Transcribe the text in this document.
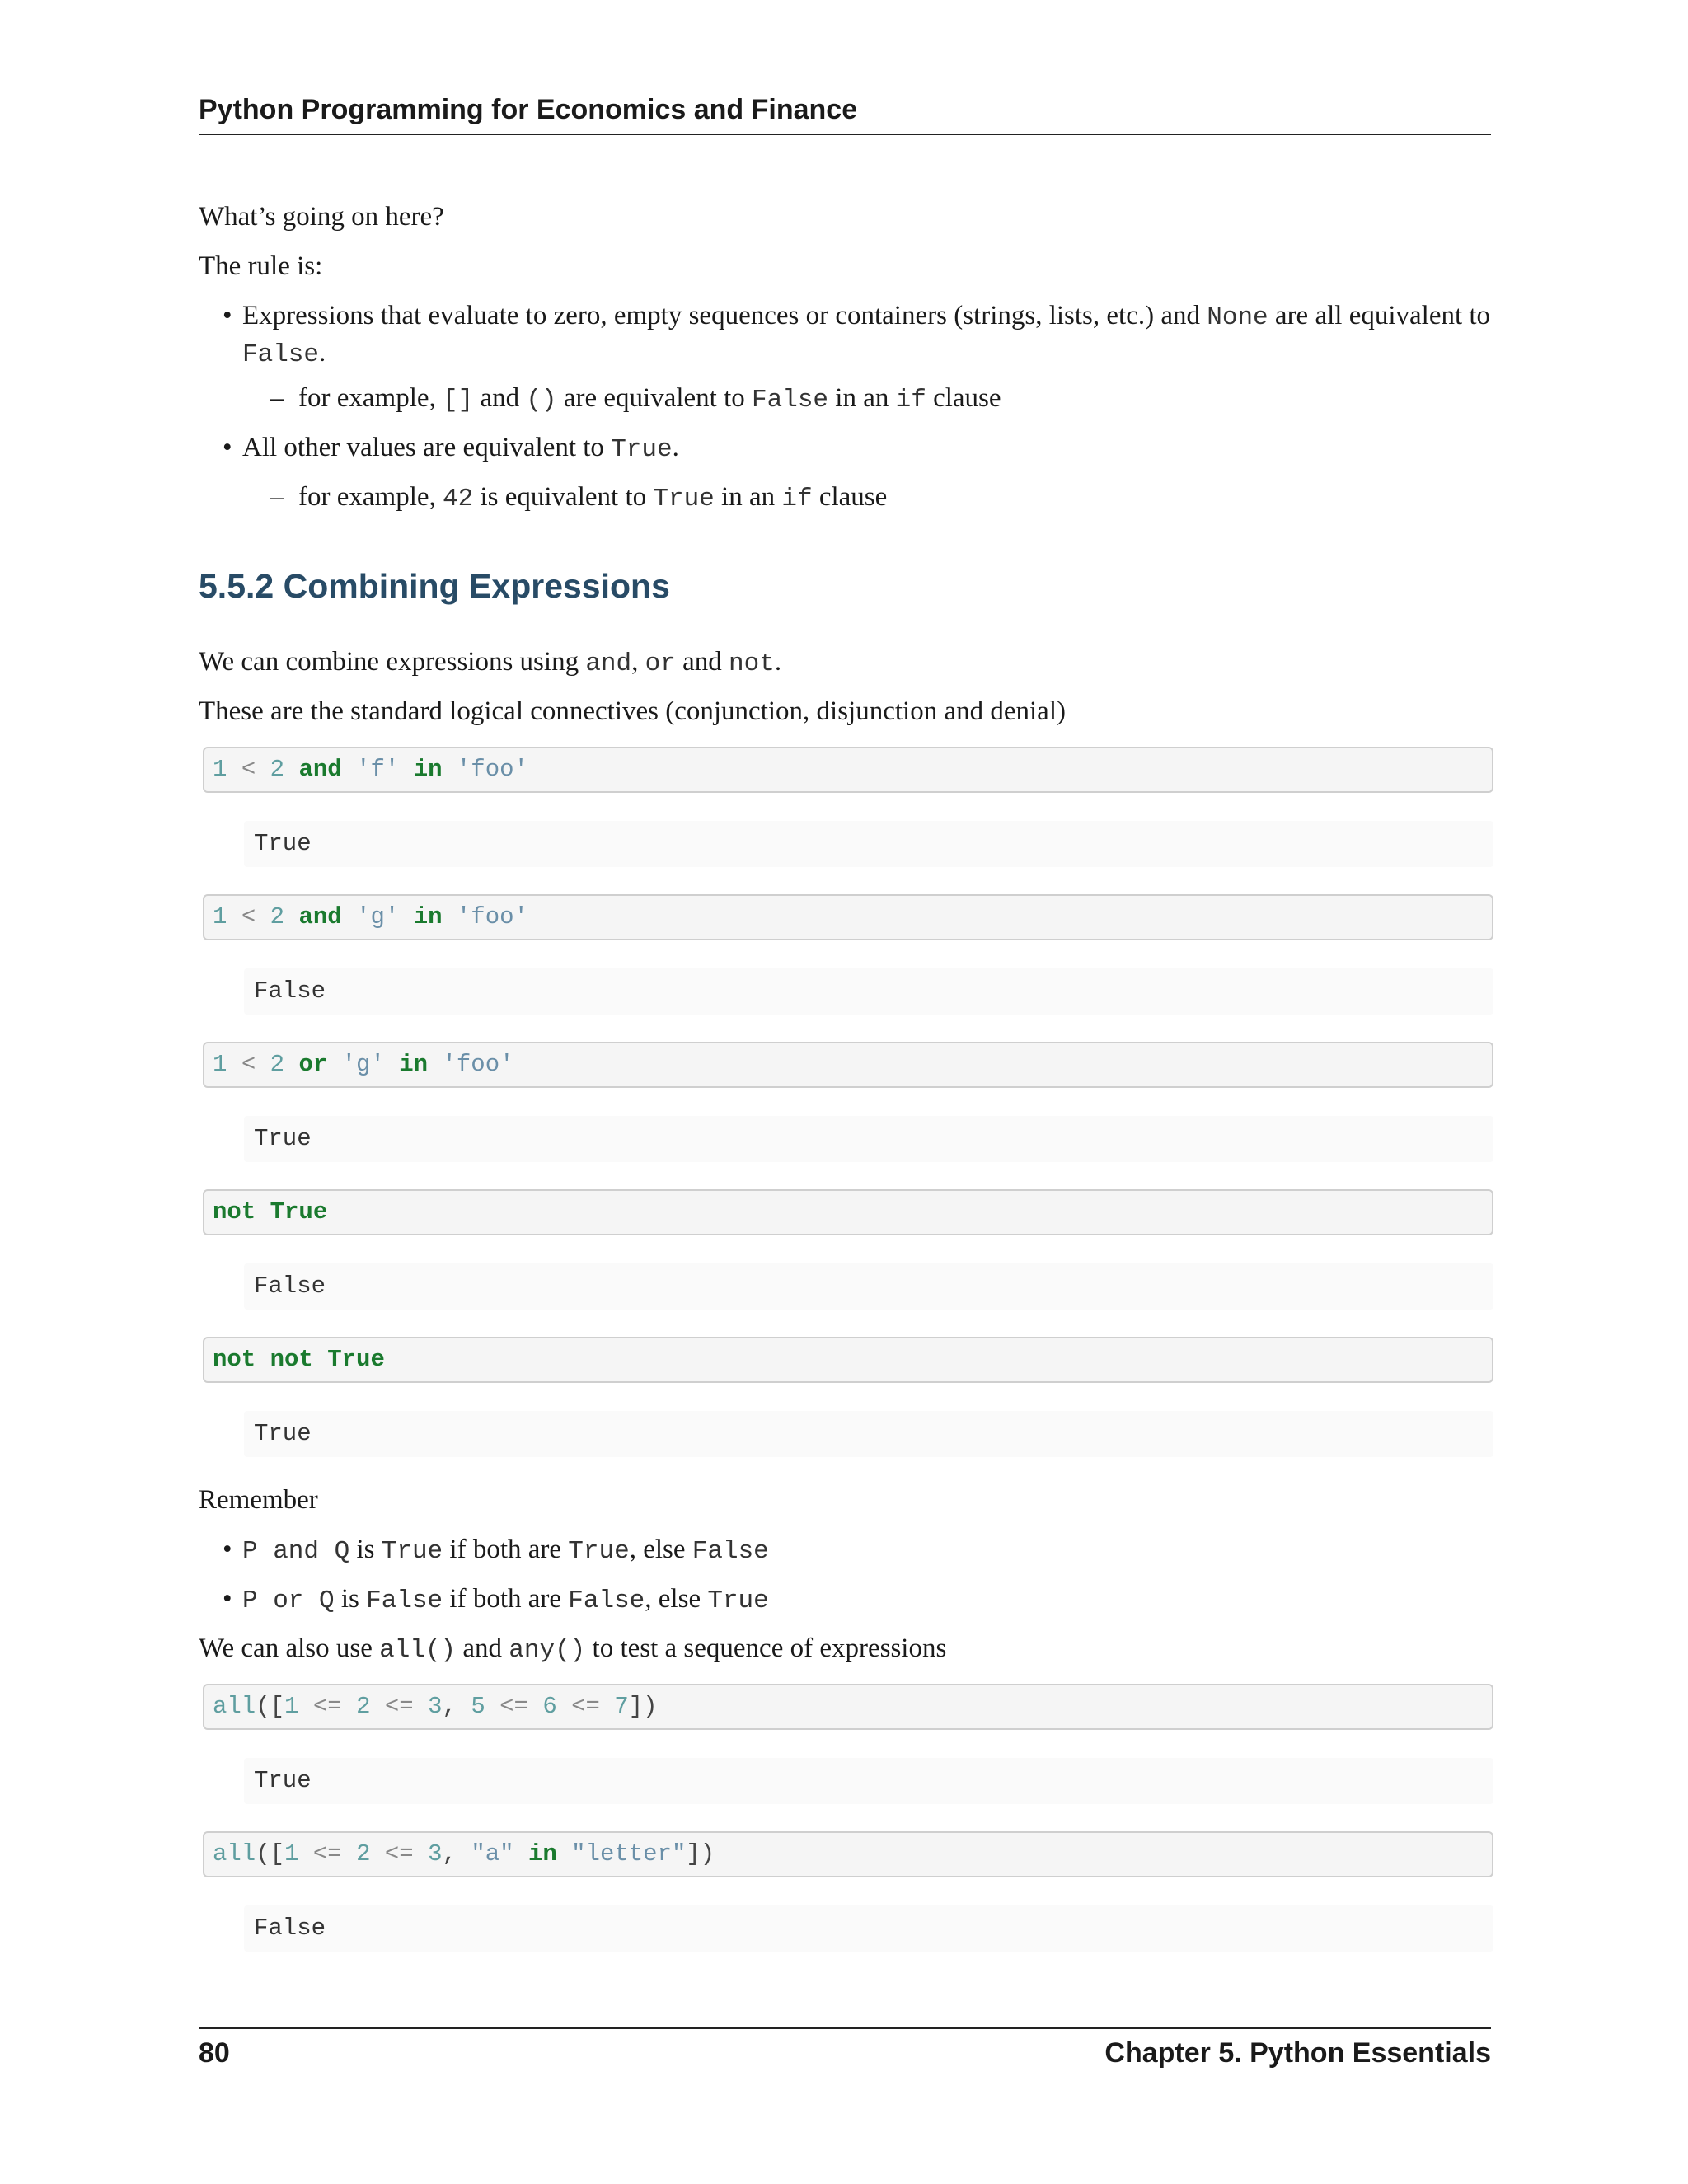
Python Programming for Economics and Finance
What’s going on here?
The rule is:
• Expressions that evaluate to zero, empty sequences or containers (strings, lists, etc.) and None are all equivalent to False.
– for example, [] and () are equivalent to False in an if clause
• All other values are equivalent to True.
– for example, 42 is equivalent to True in an if clause
5.5.2 Combining Expressions
We can combine expressions using and, or and not.
These are the standard logical connectives (conjunction, disjunction and denial)
1 < 2 and 'f' in 'foo'
True
1 < 2 and 'g' in 'foo'
False
1 < 2 or 'g' in 'foo'
True
not True
False
not not True
True
Remember
• P and Q is True if both are True, else False
• P or Q is False if both are False, else True
We can also use all() and any() to test a sequence of expressions
all([1 <= 2 <= 3, 5 <= 6 <= 7])
True
all([1 <= 2 <= 3, "a" in "letter"])
False
80	Chapter 5. Python Essentials
